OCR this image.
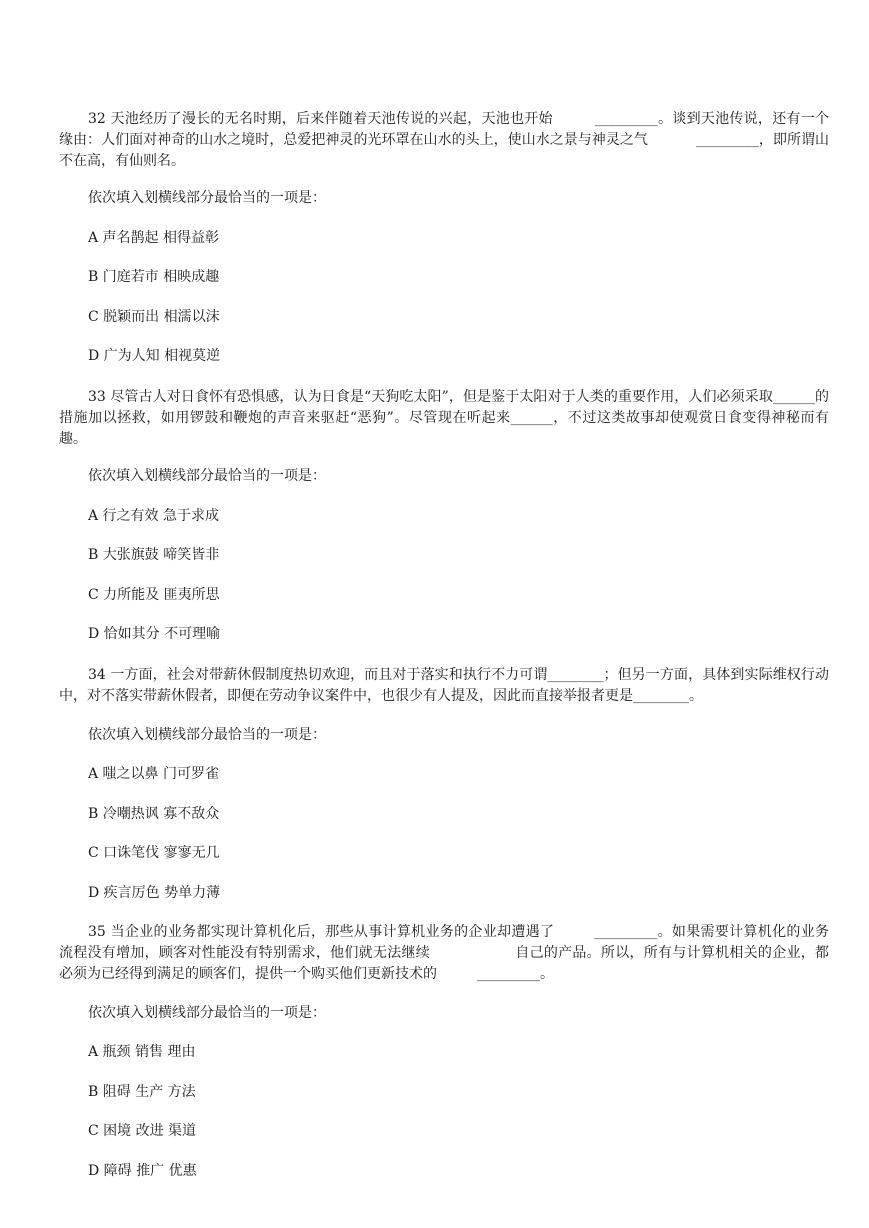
32 天池经历了漫长的无名时期，后来伴随着天池传说的兴起，天池也开始	_________。谈到天池传说，还有一个缘由：人们面对神奇的山水之境时，总爱把神灵的光环罩在山水的头上，使山水之景与神灵之气	_________，即所谓山不在高，有仙则名。

依次填入划横线部分最恰当的一项是：

A 声名鹊起 相得益彰

B 门庭若市 相映成趣

C 脱颖而出 相濡以沫

D 广为人知 相视莫逆

33 尽管古人对日食怀有恐惧感，认为日食是“天狗吃太阳”，但是鉴于太阳对于人类的重要作用，人们必须采取______的措施加以拯救，如用锣鼓和鞭炮的声音来驱赶“恶狗”。尽管现在听起来______，不过这类故事却使观赏日食变得神秘而有趣。

依次填入划横线部分最恰当的一项是：

A 行之有效 急于求成

B 大张旗鼓 啼笑皆非

C 力所能及 匪夷所思

D 恰如其分 不可理喻

34 一方面，社会对带薪休假制度热切欢迎，而且对于落实和执行不力可谓________；但另一方面，具体到实际维权行动中，对不落实带薪休假者，即便在劳动争议案件中，也很少有人提及，因此而直接举报者更是________。

依次填入划横线部分最恰当的一项是：

A 嗤之以鼻 门可罗雀

B 冷嘲热讽 寡不敌众

C 口诛笔伐 寥寥无几

D 疾言厉色 势单力薄

35 当企业的业务都实现计算机化后，那些从事计算机业务的企业却遭遇了	_________。如果需要计算机化的业务流程没有增加，顾客对性能没有特别需求，他们就无法继续	自己的产品。所以，所有与计算机相关的企业，都必须为已经得到满足的顾客们，提供一个购买他们更新技术的	_________。

依次填入划横线部分最恰当的一项是：

A 瓶颈 销售 理由

B 阻碍 生产 方法

C 困境 改进 渠道

D 障碍 推广 优惠
